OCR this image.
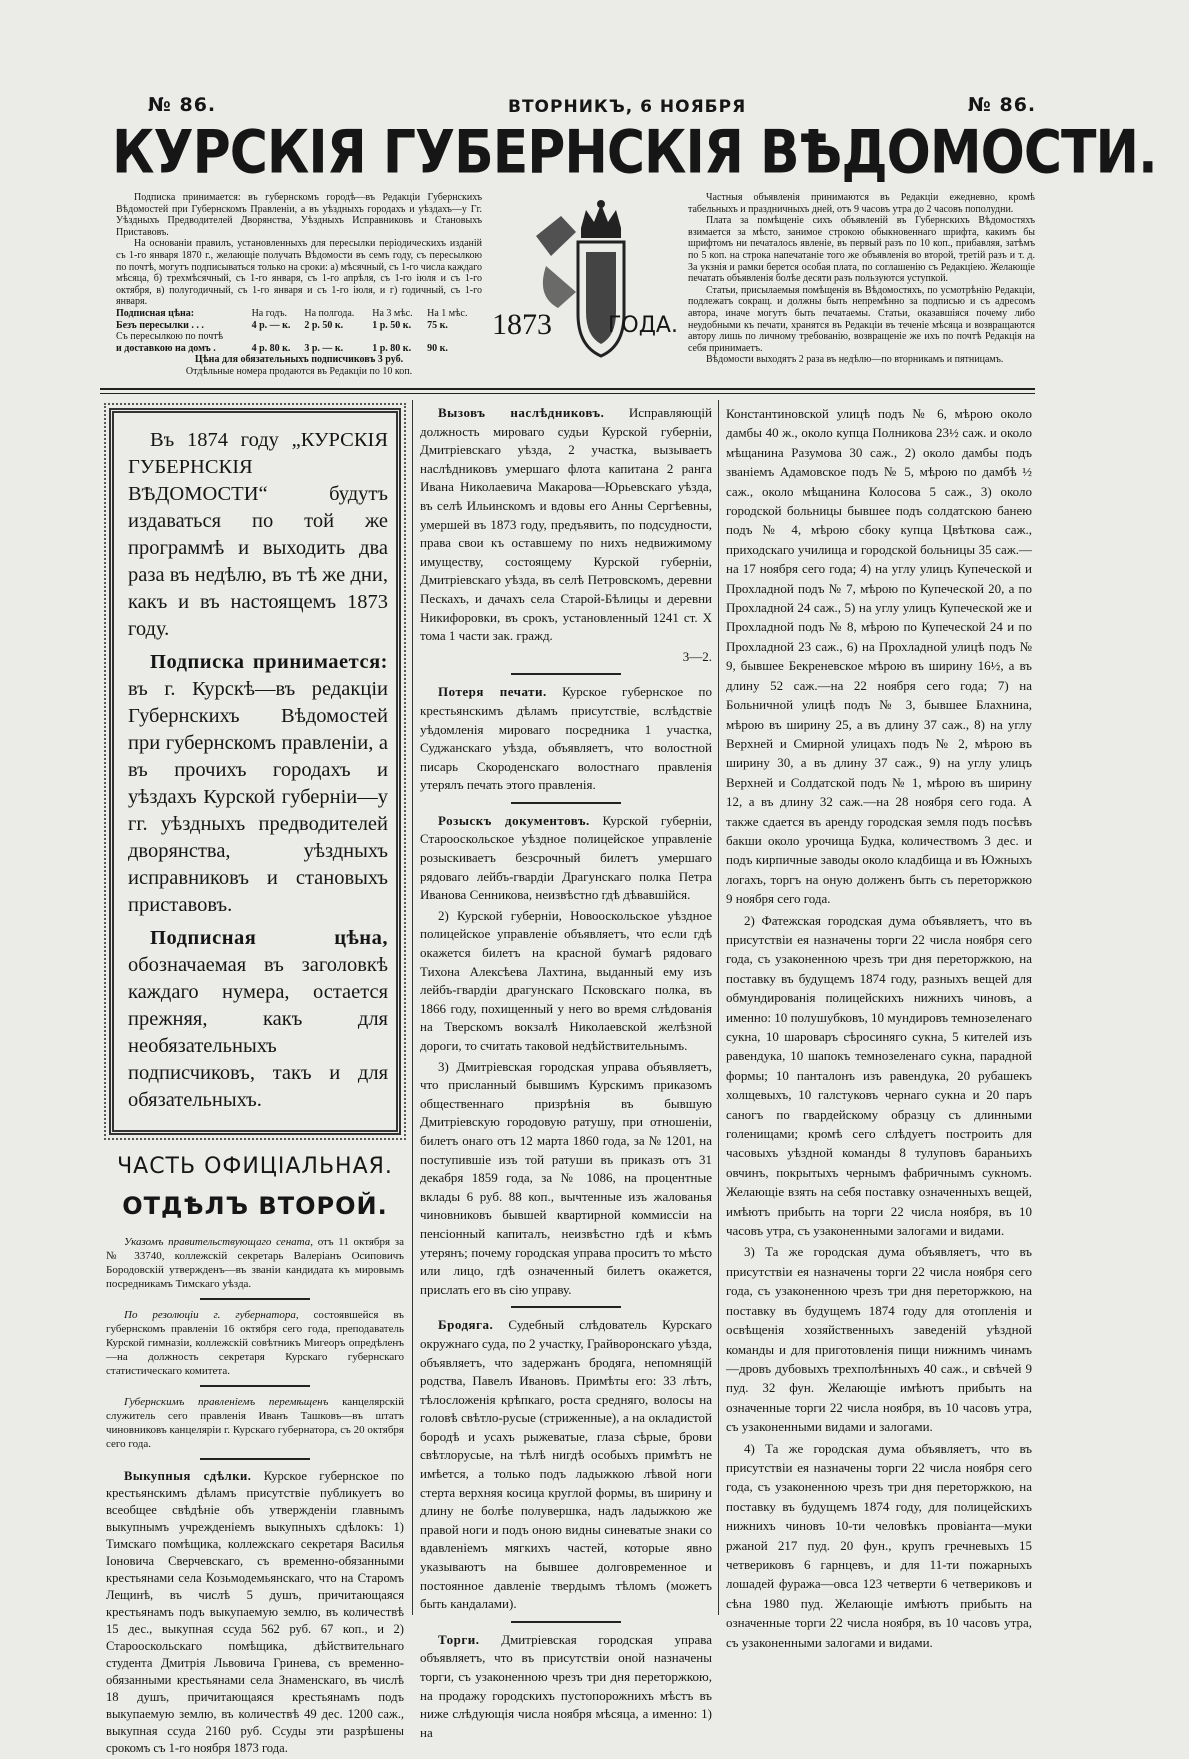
№ 86.	ВТОРНИКЪ, 6 НОЯБРЯ	№ 86.
КУРСКІЯ ГУБЕРНСКІЯ ВѢДОМОСТИ.

Подписка принимается: въ губернскомъ городѣ—въ Редакціи Губернскихъ Вѣдомостей при Губернскомъ Правленіи, а въ уѣздныхъ городахъ и уѣздахъ—у Гг. Уѣздныхъ Предводителей Дворянства, Уѣздныхъ Исправниковъ и Становыхъ Приставовъ.

На основаніи правилъ, установленныхъ для пересылки періодическихъ изданій съ 1-го января 1870 г., желающіе получать Вѣдомости въ семъ году, съ пересылкою по почтѣ, могутъ подписываться только на сроки: а) мѣсячный, съ 1-го числа каждаго мѣсяца, б) трехмѣсячный, съ 1-го января, съ 1-го апрѣля, съ 1-го іюля и съ 1-го октября, в) полугодичный, съ 1-го января и съ 1-го іюля, и г) годичный, съ 1-го января.

Подписная цѣна:	На годъ.	На полгода.	На 3 мѣс.	На 1 мѣс.
Безъ пересылки . . .	4 р. — к.	2 р. 50 к.	1 р. 50 к.	75 к.
Съ пересылкою по почтѣ				
и доставкою на домъ .	4 р. 80 к.	3 р. — к.	1 р. 80 к.	90 к.
Цѣна для обязательныхъ подписчиковъ 3 руб.
Отдѣльные номера продаются въ Редакціи по 10 коп.
1873	ГОДА.

Частныя объявленія принимаются въ Редакціи ежедневно, кромѣ табельныхъ и праздничныхъ дней, отъ 9 часовъ утра до 2 часовъ пополудни.

Плата за помѣщеніе сихъ объявленій въ Губернскихъ Вѣдомостяхъ взимается за мѣсто, занимое строкою обыкновеннаго шрифта, какимъ бы шрифтомъ ни печаталось явленіе, въ первый разъ по 10 коп., прибавляя, затѣмъ по 5 коп. на строка напечатаніе того же объявленія во второй, третій разъ и т. д. За укзнія и рамки берется особая плата, по соглашенію съ Редакціею. Желающіе печатать объявленія болѣе десяти разъ пользуются уступкой.

Статьи, присылаемыя помѣщенія въ Вѣдомостяхъ, по усмотрѣнію Редакціи, подлежатъ сокращ. и должны быть непремѣнно за подписью и съ адресомъ автора, иначе могутъ быть печатаемы. Статьи, оказавшіяся почему либо неудобными къ печати, хранятся въ Редакціи въ теченіе мѣсяца и возвращаются автору лишь по личному требованію, возвращеніе же ихъ по почтѣ Редакція на себя принимаетъ.

Вѣдомости выходятъ 2 раза въ недѣлю—по вторникамъ и пятницамъ.

Въ 1874 году „КУРСКІЯ ГУБЕРНСКІЯ ВѢДОМОСТИ“ будутъ издаваться по той же программѣ и выходить два раза въ недѣлю, въ тѣ же дни, какъ и въ настоящемъ 1873 году.

Подписка принимается: въ г. Курскѣ—въ редакціи Губернскихъ Вѣдомостей при губернскомъ правленіи, а въ прочихъ городахъ и уѣздахъ Курской губерніи—у гг. уѣздныхъ предводителей дворянства, уѣздныхъ исправниковъ и становыхъ приставовъ.

Подписная цѣна, обозначаемая въ заголовкѣ каждаго нумера, остается прежняя, какъ для необязательныхъ подписчиковъ, такъ и для обязательныхъ.

ЧАСТЬ ОФИЦІАЛЬНАЯ.
ОТДѢЛЪ ВТОРОЙ.
Указомъ правительствующаго сената, отъ 11 октября за № 33740, коллежскій секретарь Валеріанъ Осиповичъ Бородовскій утвержденъ—въ званіи кандидата къ мировымъ посредникамъ Тимскаго уѣзда.
По резолюціи г. губернатора, состоявшейся въ губернскомъ правленіи 16 октября сего года, преподаватель Курской гимназіи, коллежскій совѣтникъ Мигеоръ опредѣленъ—на должность секретаря Курскаго губернскаго статистическаго комитета.
Губернскимъ правленіемъ перемѣщенъ канцелярскій служитель сего правленія Иванъ Ташковъ—въ штатъ чиновниковъ канцеляріи г. Курскаго губернатора, съ 20 октября сего года.
Выкупныя сдѣлки. Курское губернское по крестьянскимъ дѣламъ присутствіе публикуетъ во всеобщее свѣдѣніе объ утвержденіи главнымъ выкупнымъ учрежденіемъ выкупныхъ сдѣлокъ: 1) Тимскаго помѣщика, коллежскаго секретаря Василья Іоновича Сверчевскаго, съ временно-обязанными крестьянами села Козьмодемьянскаго, что на Старомъ Лещинѣ, въ числѣ 5 душъ, причитающаяся крестьянамъ подъ выкупаемую землю, въ количествѣ 15 дес., выкупная ссуда 562 руб. 67 коп., и 2) Старооскольскаго помѣщика, дѣйствительнаго студента Дмитрія Львовича Гринева, съ временно-обязанными крестьянами села Знаменскаго, въ числѣ 18 душъ, причитающаяся крестьянамъ подъ выкупаемую землю, въ количествѣ 49 дес. 1200 саж., выкупная ссуда 2160 руб. Ссуды эти разрѣшены срокомъ съ 1-го ноября 1873 года.
Вызовъ наслѣдниковъ. Исправляющій должность мироваго судьи Курской губерніи, Дмитріевскаго уѣзда, 2 участка, вызываетъ наслѣдниковъ умершаго флота капитана 2 ранга Ивана Николаевича Макарова—Юрьевскаго уѣзда, въ селѣ Ильинскомъ и вдовы его Анны Сергѣевны, умершей въ 1873 году, предъявить, по подсудности, права свои къ оставшему по нихъ недвижимому имуществу, состоящему Курской губерніи, Дмитріевскаго уѣзда, въ селѣ Петровскомъ, деревни Пескахъ, и дачахъ села Старой-Бѣлицы и деревни Никифоровки, въ срокъ, установленный 1241 ст. X тома 1 части зак. гражд.
3—2.
Потеря печати. Курское губернское по крестьянскимъ дѣламъ присутствіе, вслѣдствіе уѣдомленія мироваго посредника 1 участка, Суджанскаго уѣзда, объявляетъ, что волостной писарь Скороденскаго волостнаго правленія утерялъ печать этого правленія.
Розыскъ документовъ. Курской губерніи, Старооскольское уѣздное полицейское управленіе розыскиваетъ безсрочный билетъ умершаго рядоваго лейбъ-гвардіи Драгунскаго полка Петра Иванова Сенникова, неизвѣстно гдѣ дѣвавшійся.
2) Курской губерніи, Новооскольское уѣздное полицейское управленіе объявляетъ, что если гдѣ окажется билетъ на красной бумагѣ рядоваго Тихона Алексѣева Лахтина, выданный ему изъ лейбъ-гвардіи драгунскаго Псковскаго полка, въ 1866 году, похищенный у него во время слѣдованія на Тверскомъ вокзалѣ Николаевской желѣзной дороги, то считать таковой недѣйствительнымъ.
3) Дмитріевская городская управа объявляетъ, что присланный бывшимъ Курскимъ приказомъ общественнаго призрѣнія въ бывшую Дмитріевскую городовую ратушу, при отношеніи, билетъ онаго отъ 12 марта 1860 года, за № 1201, на поступившіе изъ той ратуши въ приказъ отъ 31 декабря 1859 года, за № 1086, на процентные вклады 6 руб. 88 коп., вычтенные изъ жалованья чиновниковъ бывшей квартирной коммиссіи на пенсіонный капиталъ, неизвѣстно гдѣ и кѣмъ утерянъ; почему городская управа проситъ то мѣсто или лицо, гдѣ означенный билетъ окажется, прислать его въ сію управу.
Бродяга. Судебный слѣдователь Курскаго окружнаго суда, по 2 участку, Грайворонскаго уѣзда, объявляетъ, что задержанъ бродяга, непомнящій родства, Павелъ Ивановъ. Примѣты его: 33 лѣтъ, тѣлосложенія крѣпкаго, роста средняго, волосы на головѣ свѣтло-русые (стриженные), а на окладистой бородѣ и усахъ рыжеватые, глаза сѣрые, брови свѣтлорусые, на тѣлѣ нигдѣ особыхъ примѣтъ не имѣется, а только подъ ладыжкою лѣвой ноги стерта верхняя косица круглой формы, въ ширину и длину не болѣе полувершка, надъ ладыжкою же правой ноги и подъ оною видны синеватые знаки со вдавленіемъ мягкихъ частей, которые явно указываютъ на бывшее долговременное и постоянное давленіе твердымъ тѣломъ (можетъ быть кандалами).
Торги. Дмитріевская городская управа объявляетъ, что въ присутствіи оной назначены торги, съ узаконенною чрезъ три дня переторжкою, на продажу городскихъ пустопорожнихъ мѣстъ въ ниже слѣдующія числа ноября мѣсяца, а именно: 1) на
Константиновской улицѣ подъ № 6, мѣрою около дамбы 40 ж., около купца Полникова 23½ саж. и около мѣщанина Разумова 30 саж., 2) около дамбы подъ званіемъ Адамовское подъ № 5, мѣрою по дамбѣ ½ саж., около мѣщанина Колосова 5 саж., 3) около городской больницы бывшее подъ солдатскою банею подъ № 4, мѣрою сбоку купца Цвѣткова саж., приходскаго училища и городской больницы 35 саж.—на 17 ноября сего года; 4) на углу улицъ Купеческой и Прохладной подъ № 7, мѣрою по Купеческой 20, а по Прохладной 24 саж., 5) на углу улицъ Купеческой же и Прохладной подъ № 8, мѣрою по Купеческой 24 и по Прохладной 23 саж., 6) на Прохладной улицѣ подъ № 9, бывшее Бекреневское мѣрою въ ширину 16½, а въ длину 52 саж.—на 22 ноября сего года; 7) на Больничной улицѣ подъ № 3, бывшее Блахнина, мѣрою въ ширину 25, а въ длину 37 саж., 8) на углу Верхней и Смирной улицахъ подъ № 2, мѣрою въ ширину 30, а въ длину 37 саж., 9) на углу улицъ Верхней и Солдатской подъ № 1, мѣрою въ ширину 12, а въ длину 32 саж.—на 28 ноября сего года. А также сдается въ аренду городская земля подъ посѣвъ бакши около урочища Будка, количествомъ 3 дес. и подъ кирпичные заводы около кладбища и въ Южныхъ логахъ, торгъ на оную долженъ быть съ переторжкою 9 ноября сего года.
2) Фатежская городская дума объявляетъ, что въ присутствіи ея назначены торги 22 числа ноября сего года, съ узаконенною чрезъ три дня переторжкою, на поставку въ будущемъ 1874 году, разныхъ вещей для обмундированія полицейскихъ нижнихъ чиновъ, а именно: 10 полушубковъ, 10 мундировъ темнозеленаго сукна, 10 шароваръ сѣросиняго сукна, 5 кителей изъ равендука, 10 шапокъ темнозеленаго сукна, парадной формы; 10 панталонъ изъ равендука, 20 рубашекъ холщевыхъ, 10 галстуковъ чернаго сукна и 20 паръ саногъ по гвардейскому образцу съ длинными голенищами; кромѣ сего слѣдуетъ построить для часовыхъ уѣздной команды 8 тулуповъ бараньихъ овчинъ, покрытыхъ чернымъ фабричнымъ сукномъ. Желающіе взять на себя поставку означенныхъ вещей, имѣютъ прибыть на торги 22 числа ноября, въ 10 часовъ утра, съ узаконенными залогами и видами.
3) Та же городская дума объявляетъ, что въ присутствіи ея назначены торги 22 числа ноября сего года, съ узаконенною чрезъ три дня переторжкою, на поставку въ будущемъ 1874 году для отопленія и освѣщенія хозяйственныхъ заведеній уѣздной команды и для приготовленія пищи нижнимъ чинамъ—дровъ дубовыхъ трехполѣнныхъ 40 саж., и свѣчей 9 пуд. 32 фун. Желающіе имѣютъ прибыть на означенные торги 22 числа ноября, въ 10 часовъ утра, съ узаконенными видами и залогами.
4) Та же городская дума объявляетъ, что въ присутствіи ея назначены торги 22 числа ноября сего года, съ узаконенною чрезъ три дня переторжкою, на поставку въ будущемъ 1874 году, для полицейскихъ нижнихъ чиновъ 10-ти человѣкъ провіанта—муки ржаной 217 пуд. 20 фун., крупъ гречневыхъ 15 четвериковъ 6 гарнцевъ, и для 11-ти пожарныхъ лошадей фуража—овса 123 четверти 6 четвериковъ и сѣна 1980 пуд. Желающіе имѣютъ прибыть на означенные торги 22 числа ноября, въ 10 часовъ утра, съ узаконенными залогами и видами.
